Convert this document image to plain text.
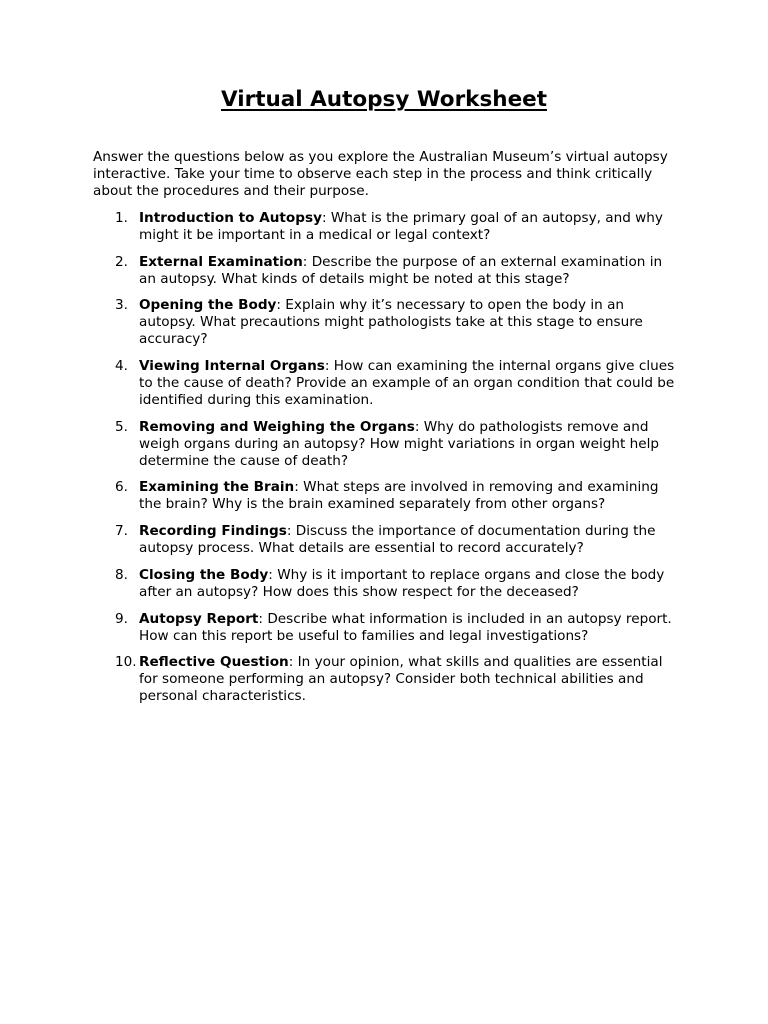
Virtual Autopsy Worksheet

Answer the questions below as you explore the Australian Museum’s virtual autopsy interactive. Take your time to observe each step in the process and think critically about the procedures and their purpose.

1. Introduction to Autopsy: What is the primary goal of an autopsy, and why might it be important in a medical or legal context?
2. External Examination: Describe the purpose of an external examination in an autopsy. What kinds of details might be noted at this stage?
3. Opening the Body: Explain why it’s necessary to open the body in an autopsy. What precautions might pathologists take at this stage to ensure accuracy?
4. Viewing Internal Organs: How can examining the internal organs give clues to the cause of death? Provide an example of an organ condition that could be identified during this examination.
5. Removing and Weighing the Organs: Why do pathologists remove and weigh organs during an autopsy? How might variations in organ weight help determine the cause of death?
6. Examining the Brain: What steps are involved in removing and examining the brain? Why is the brain examined separately from other organs?
7. Recording Findings: Discuss the importance of documentation during the autopsy process. What details are essential to record accurately?
8. Closing the Body: Why is it important to replace organs and close the body after an autopsy? How does this show respect for the deceased?
9. Autopsy Report: Describe what information is included in an autopsy report. How can this report be useful to families and legal investigations?
10. Reflective Question: In your opinion, what skills and qualities are essential for someone performing an autopsy? Consider both technical abilities and personal characteristics.
